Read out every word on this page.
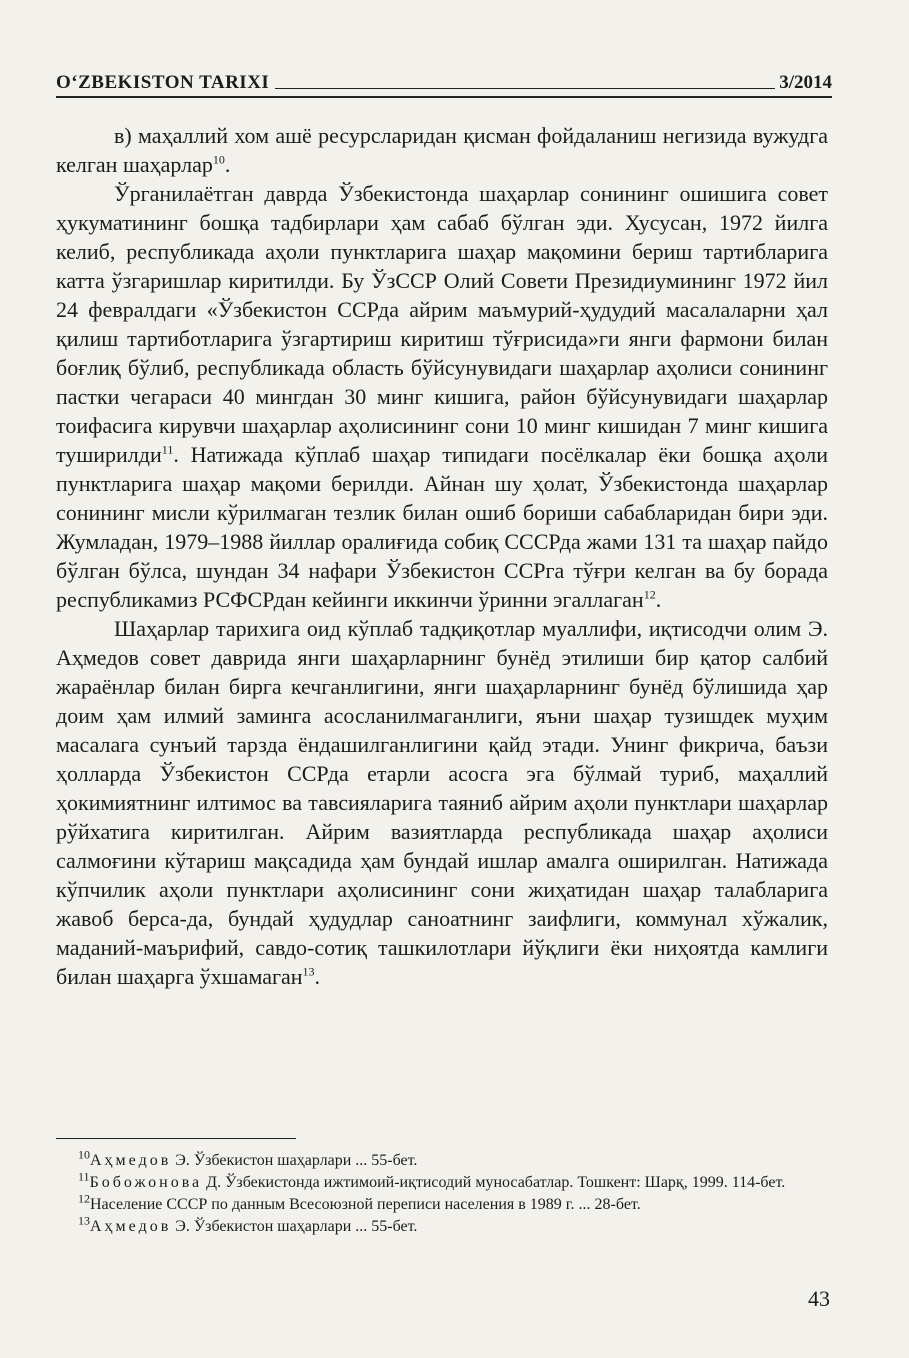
O‘ZBEKISTON TARIXI	3/2014

в) маҳаллий хом ашё ресурсларидан қисман фойдаланиш негизида вужудга келган шаҳарлар$^{10}$.

Ўрганилаётган даврда Ўзбекистонда шаҳарлар сонининг ошишига совет ҳукуматининг бошқа тадбирлари ҳам сабаб бўлган эди. Хусусан, 1972 йилга келиб, республикада аҳоли пунктларига шаҳар мақомини бериш тартибларига катта ўзгаришлар киритилди. Бу ЎзССР Олий Совети Президиумининг 1972 йил 24 февралдаги «Ўзбекистон ССРда айрим маъмурий-ҳудудий масалаларни ҳал қилиш тартиботларига ўзгартириш киритиш тўғрисида»ги янги фармони билан боғлиқ бўлиб, республикада область бўйсунувидаги шаҳарлар аҳолиси сонининг пастки чегараси 40 мингдан 30 минг кишига, район бўйсунувидаги шаҳарлар тоифасига кирувчи шаҳарлар аҳолисининг сони 10 минг кишидан 7 минг кишига туширилди$^{11}$. Натижада кўплаб шаҳар типидаги посёлкалар ёки бошқа аҳоли пунктларига шаҳар мақоми берилди. Айнан шу ҳолат, Ўзбекистонда шаҳарлар сонининг мисли кўрилмаган тезлик билан ошиб бориши сабабларидан бири эди. Жумладан, 1979–1988 йиллар оралиғида собиқ СССРда жами 131 та шаҳар пайдо бўлган бўлса, шундан 34 нафари Ўзбекистон ССРга тўғри келган ва бу борада республикамиз РСФСРдан кейинги иккинчи ўринни эгаллаган$^{12}$.

Шаҳарлар тарихига оид кўплаб тадқиқотлар муаллифи, иқтисодчи олим Э. Аҳмедов совет даврида янги шаҳарларнинг бунёд этилиши бир қатор салбий жараёнлар билан бирга кечганлигини, янги шаҳарларнинг бунёд бўлишида ҳар доим ҳам илмий заминга асосланилмаганлиги, яъни шаҳар тузишдек муҳим масалага сунъий тарзда ёндашилганлигини қайд этади. Унинг фикрича, баъзи ҳолларда Ўзбекистон ССРда етарли асосга эга бўлмай туриб, маҳаллий ҳокимиятнинг илтимос ва тавсияларига таяниб айрим аҳоли пунктлари шаҳарлар рўйхатига киритилган. Айрим вазиятларда республикада шаҳар аҳолиси салмоғини кўтариш мақсадида ҳам бундай ишлар амалга оширилган. Натижада кўпчилик аҳоли пунктлари аҳолисининг сони жиҳатидан шаҳар талабларига жавоб берса-да, бундай ҳудудлар саноатнинг заифлиги, коммунал хўжалик, маданий-маърифий, савдо-сотиқ ташкилотлари йўқлиги ёки ниҳоятда камлиги билан шаҳарга ўхшамаган$^{13}$.

$^{10}$Аҳмедов Э. Ўзбекистон шаҳарлари ... 55-бет.

$^{11}$Бобожонова Д. Ўзбекистонда ижтимоий-иқтисодий муносабатлар. Тошкент: Шарқ, 1999. 114-бет.

$^{12}$Население СССР по данным Всесоюзной переписи населения в 1989 г. ... 28-бет.

$^{13}$Аҳмедов Э. Ўзбекистон шаҳарлари ... 55-бет.

43
